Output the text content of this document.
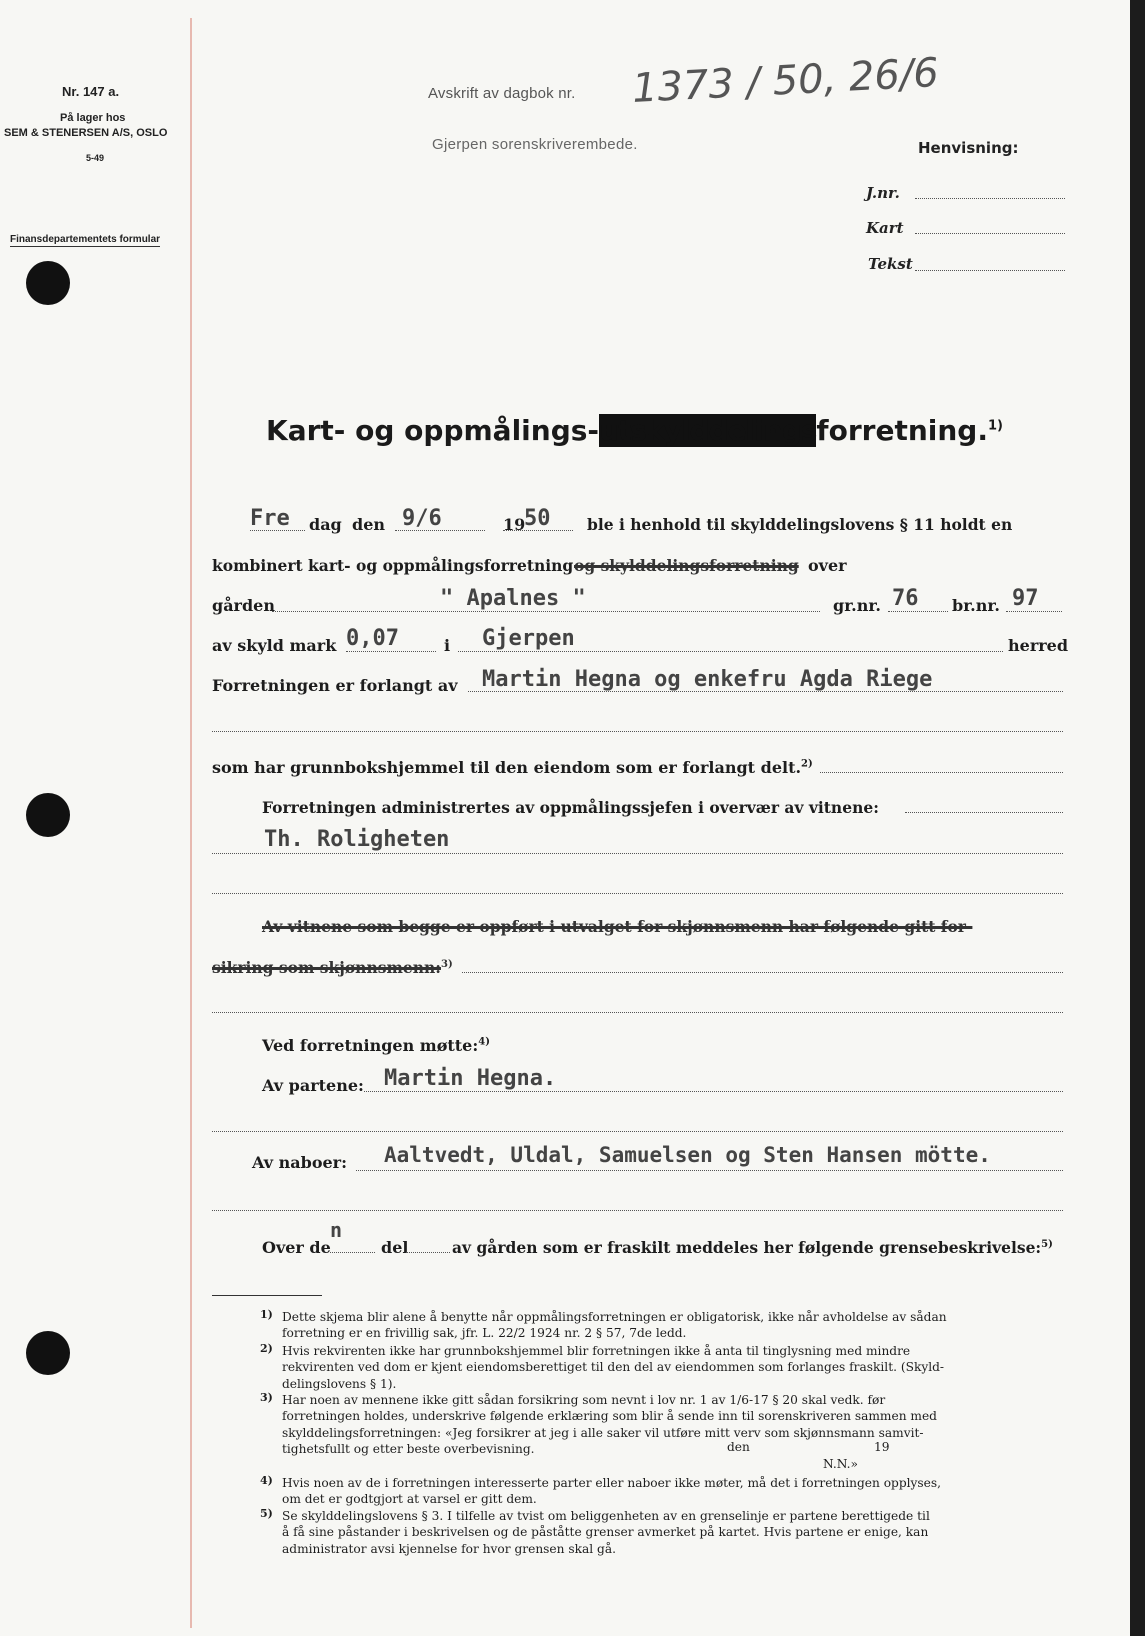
Nr. 147 a.
På lager hos
SEM & STENERSEN A/S, OSLO
5-49
Finansdepartementets formular
Avskrift av dagbok nr.
Gjerpen sorenskriverembede.
1373 / 50, 26/6
Henvisning:
J.nr.
Kart
Tekst
Kart- og oppmålings-utskylddelingsforretning.$^{1)}$
Fre dag den 9/6	19
50 ble i henhold til skylddelingslovens § 11 holdt en
kombinert kart- og oppmålingsforretning og skylddelingsforretning over
gården	" Apalnes "	gr.nr. 76 br.nr. 97
av skyld mark 0,07	i Gjerpen	herred
Forretningen er forlangt av Martin Hegna og enkefru Agda Riege
som har grunnbokshjemmel til den eiendom som er forlangt delt.$^{2)}$
Forretningen administrertes av oppmålingssjefen i overvær av vitnene:
Th. Roligheten
Av vitnene som begge er oppført i utvalget for skjønnsmenn har følgende gitt for-
sikring som skjønnsmenn:$^{3)}$
Ved forretningen møtte:$^{4)}$
Av partene: Martin Hegna.
Av naboer: Aaltvedt, Uldal, Samuelsen og Sten Hansen mötte.
Over de
n
del	av gården som er fraskilt meddeles her følgende grensebeskrivelse:$^{5)}$
1) Dette skjema blir alene å benytte når oppmålingsforretningen er obligatorisk, ikke når avholdelse av sådan
forretning er en frivillig sak, jfr. L. 22/2 1924 nr. 2 § 57, 7de ledd.
2) Hvis rekvirenten ikke har grunnbokshjemmel blir forretningen ikke å anta til tinglysning med mindre
rekvirenten ved dom er kjent eiendomsberettiget til den del av eiendommen som forlanges fraskilt. (Skyld-
delingslovens § 1).
3) Har noen av mennene ikke gitt sådan forsikring som nevnt i lov nr. 1 av 1/6-17 § 20 skal vedk. før
forretningen holdes, underskrive følgende erklæring som blir å sende inn til sorenskriveren sammen med
skylddelingsforretningen: «Jeg forsikrer at jeg i alle saker vil utføre mitt verv som skjønnsmann samvit-
tighetsfullt og etter beste overbevisning.
4) Hvis noen av de i forretningen interesserte parter eller naboer ikke møter, må det i forretningen opplyses,
om det er godtgjort at varsel er gitt dem.
5) Se skylddelingslovens § 3. I tilfelle av tvist om beliggenheten av en grenselinje er partene berettigede til
å få sine påstander i beskrivelsen og de påståtte grenser avmerket på kartet. Hvis partene er enige, kan
administrator avsi kjennelse for hvor grensen skal gå.
den	19
N.N.»
